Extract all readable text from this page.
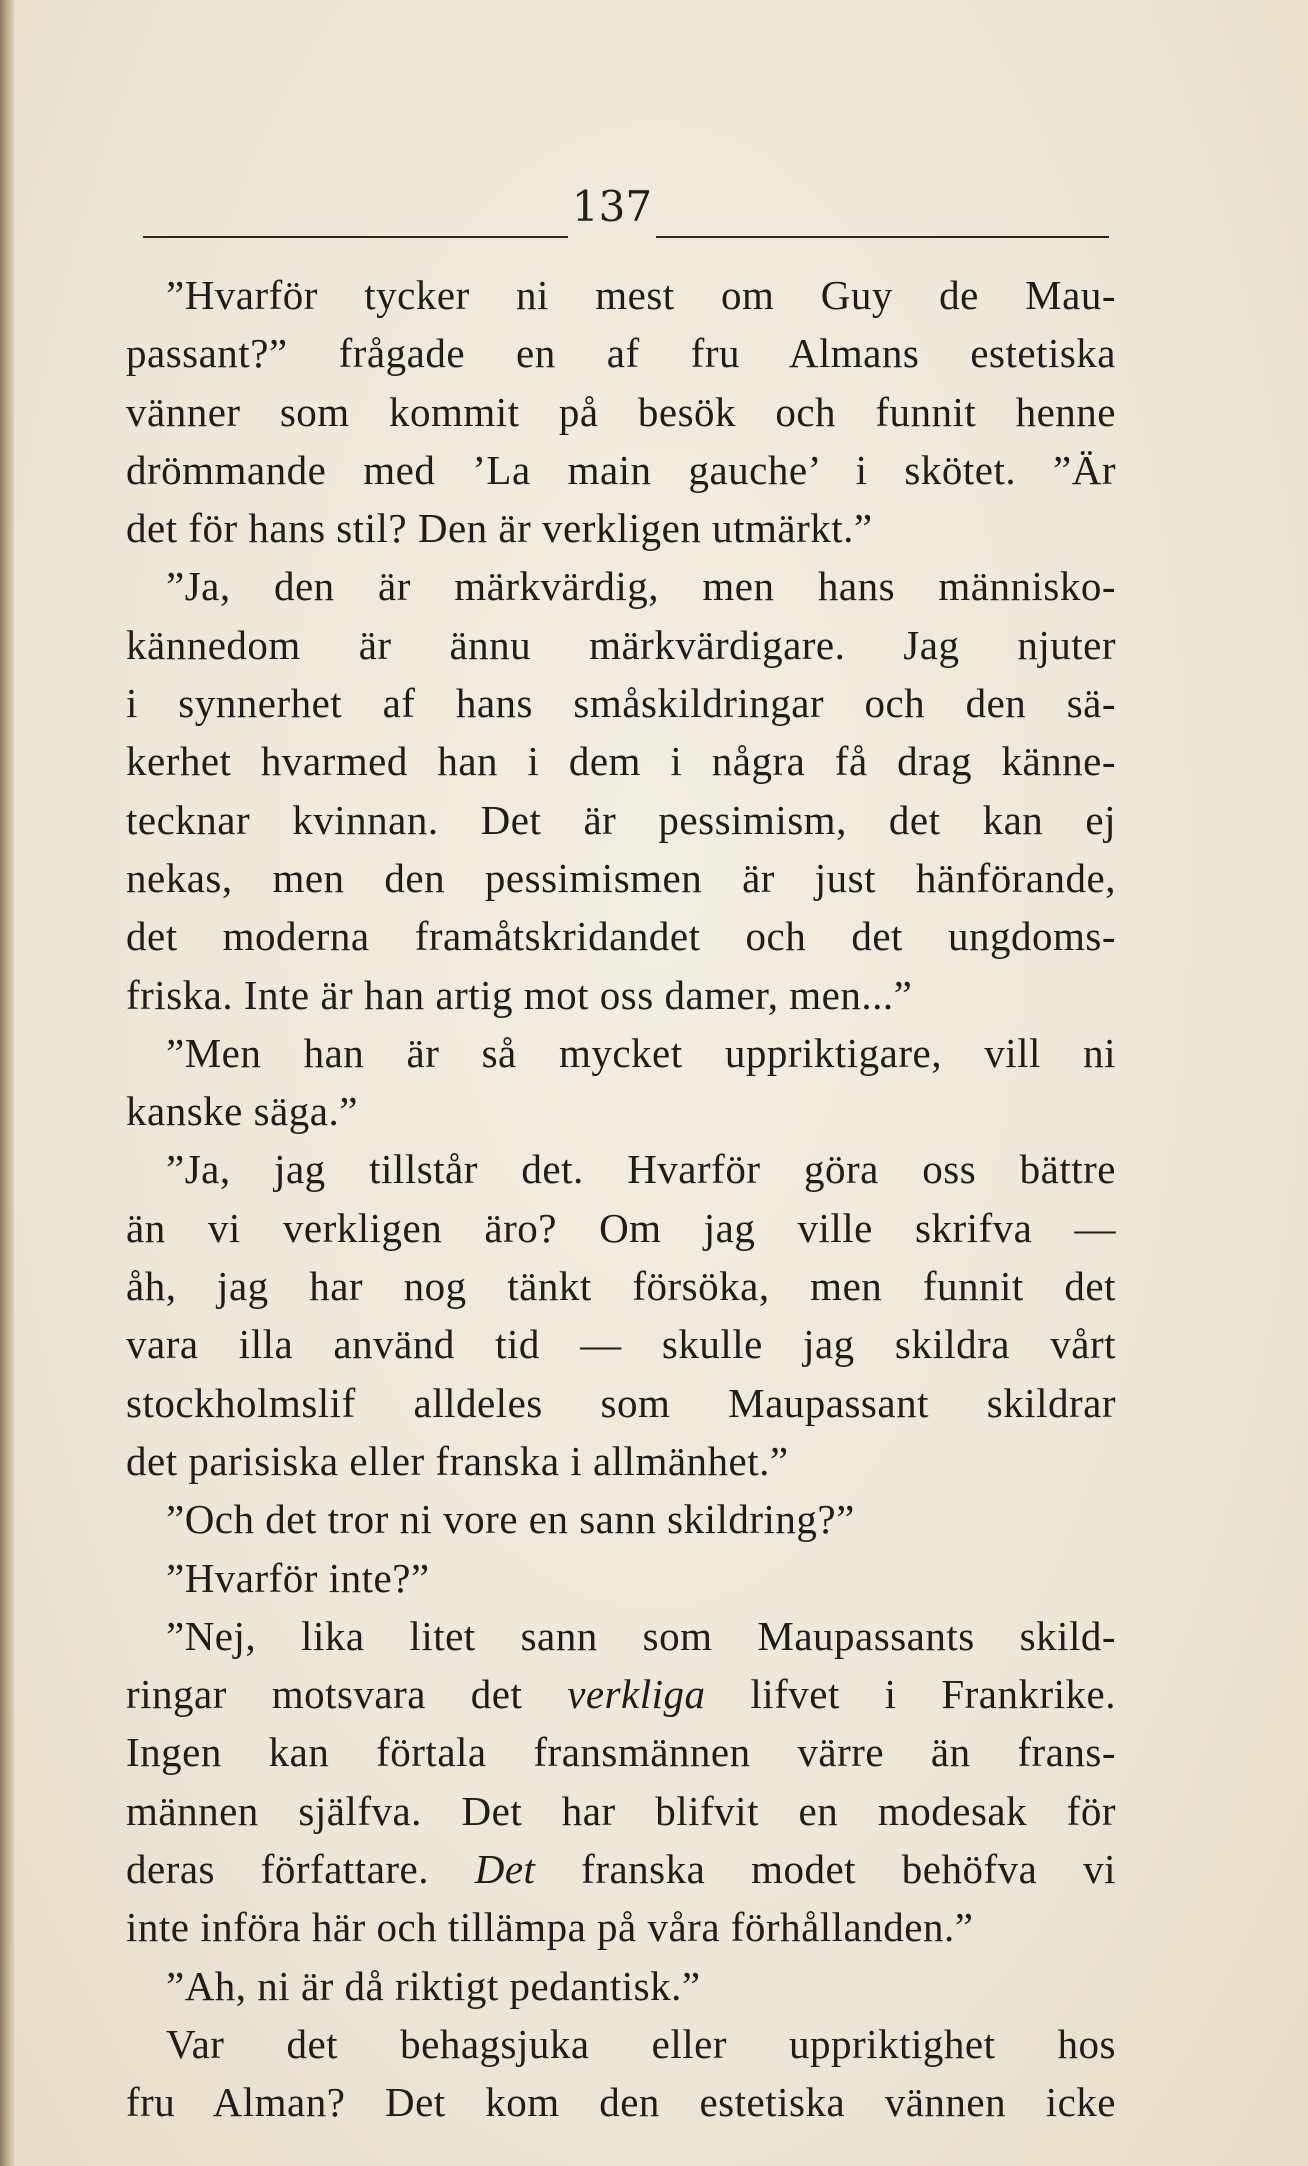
137
”Hvarför tycker ni mest om Guy de Mau-
passant?” frågade en af fru Almans estetiska
vänner som kommit på besök och funnit henne
drömmande med ’La main gauche’ i skötet. ”Är
det för hans stil? Den är verkligen utmärkt.”
”Ja, den är märkvärdig, men hans människo-
kännedom är ännu märkvärdigare. Jag njuter
i synnerhet af hans småskildringar och den sä-
kerhet hvarmed han i dem i några få drag känne-
tecknar kvinnan. Det är pessimism, det kan ej
nekas, men den pessimismen är just hänförande,
det moderna framåtskridandet och det ungdoms-
friska. Inte är han artig mot oss damer, men...”
”Men han är så mycket uppriktigare, vill ni
kanske säga.”
”Ja, jag tillstår det. Hvarför göra oss bättre
än vi verkligen äro? Om jag ville skrifva —
åh, jag har nog tänkt försöka, men funnit det
vara illa använd tid — skulle jag skildra vårt
stockholmslif alldeles som Maupassant skildrar
det parisiska eller franska i allmänhet.”
”Och det tror ni vore en sann skildring?”
”Hvarför inte?”
”Nej, lika litet sann som Maupassants skild-
ringar motsvara det verkliga lifvet i Frankrike.
Ingen kan förtala fransmännen värre än frans-
männen själfva. Det har blifvit en modesak för
deras författare. Det franska modet behöfva vi
inte införa här och tillämpa på våra förhållanden.”
”Ah, ni är då riktigt pedantisk.”
Var det behagsjuka eller uppriktighet hos
fru Alman? Det kom den estetiska vännen icke
